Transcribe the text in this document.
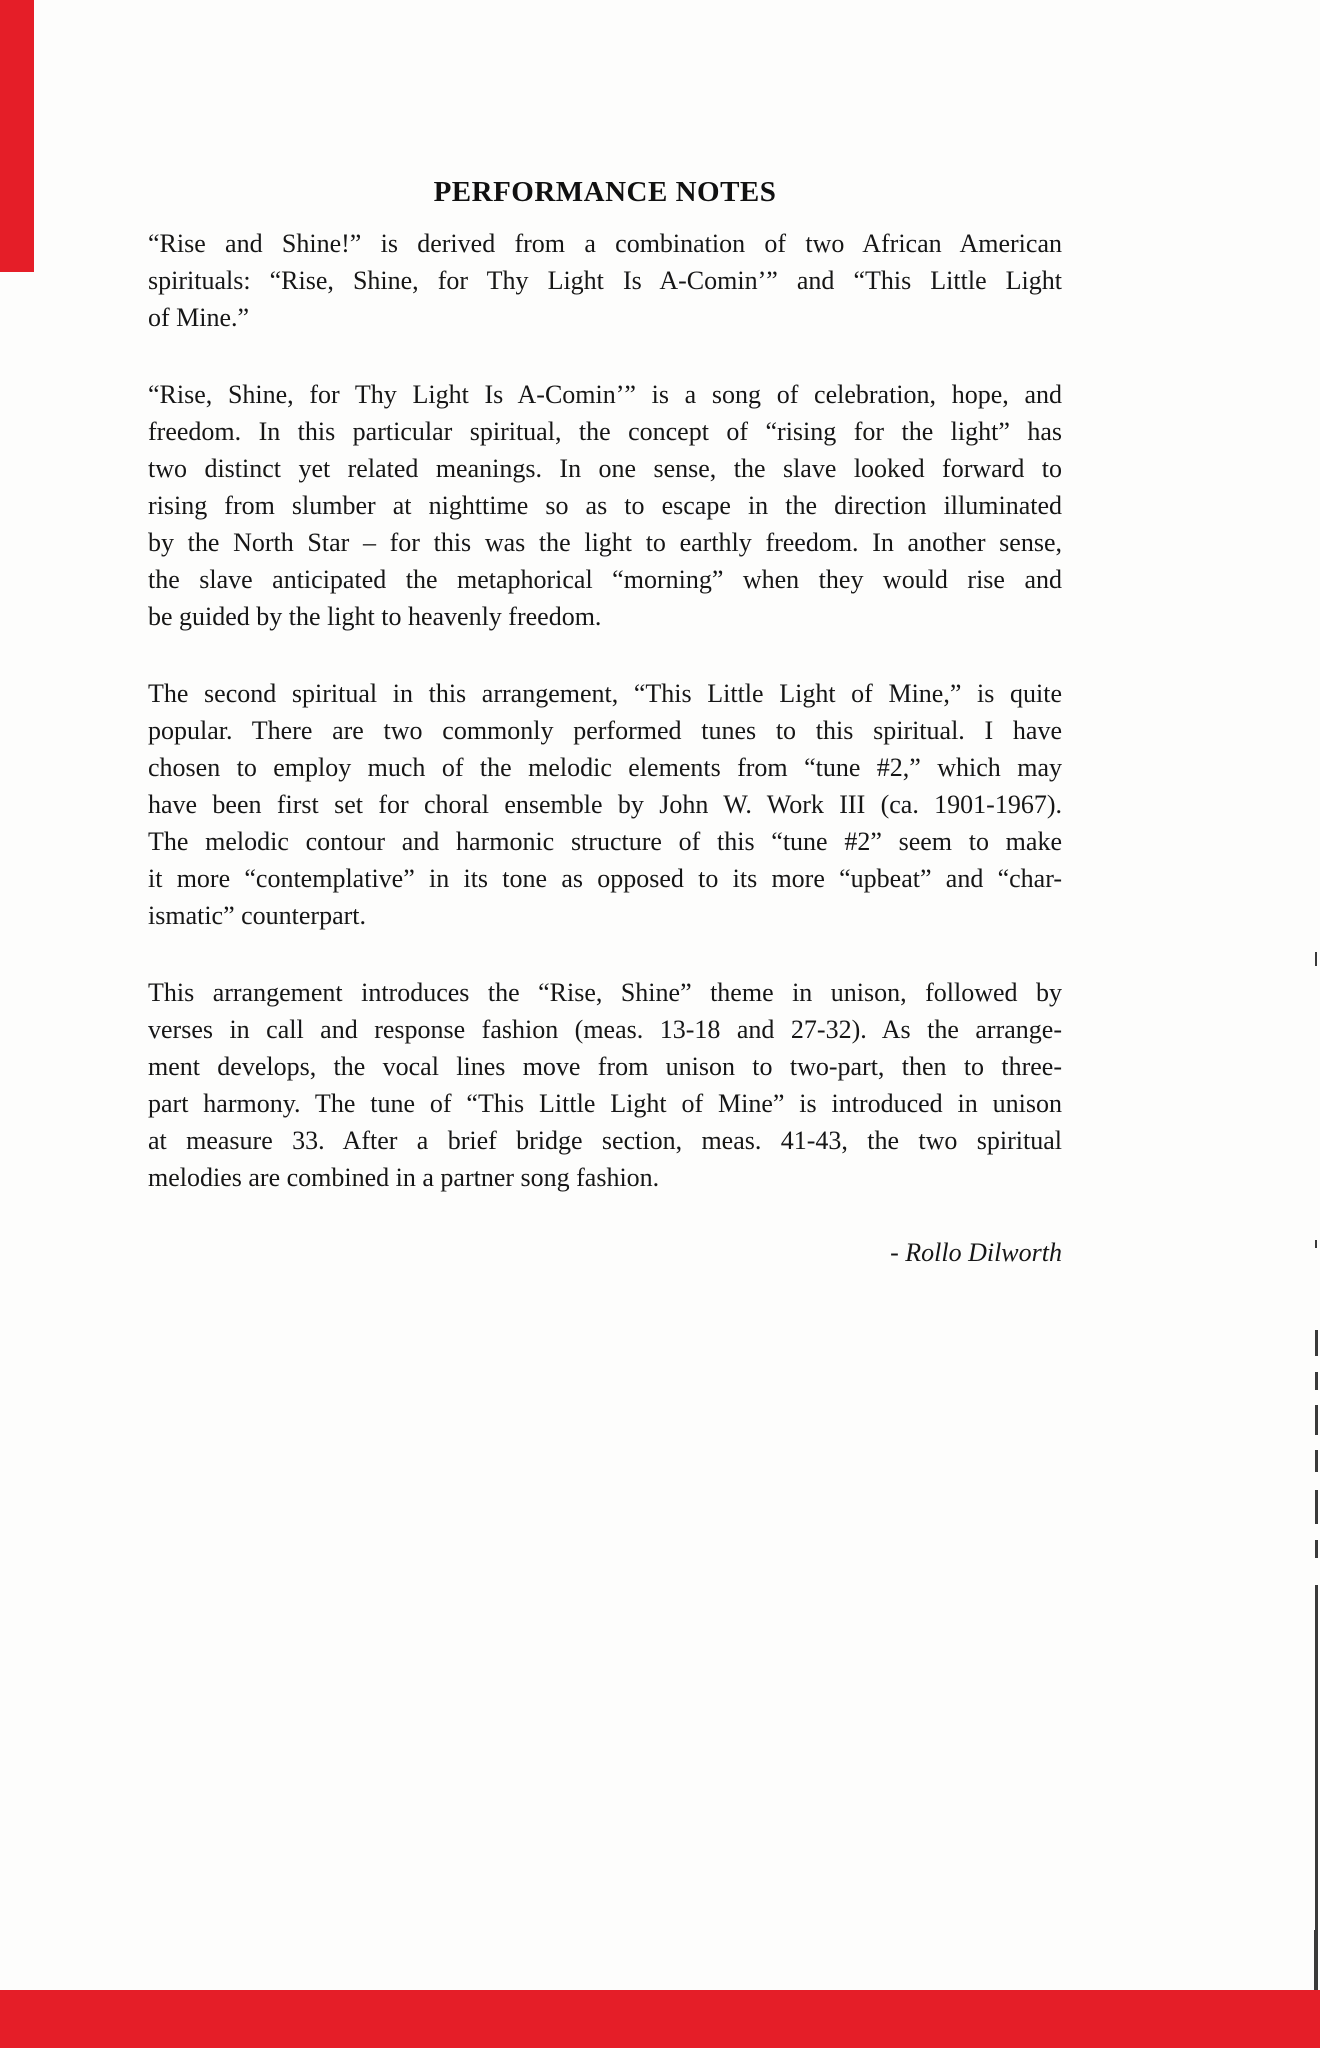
PERFORMANCE NOTES
“Rise and Shine!” is derived from a combination of two African American
spirituals: “Rise, Shine, for Thy Light Is A-Comin’” and “This Little Light
of Mine.”
“Rise, Shine, for Thy Light Is A-Comin’” is a song of celebration, hope, and
freedom. In this particular spiritual, the concept of “rising for the light” has
two distinct yet related meanings. In one sense, the slave looked forward to
rising from slumber at nighttime so as to escape in the direction illuminated
by the North Star – for this was the light to earthly freedom. In another sense,
the slave anticipated the metaphorical “morning” when they would rise and
be guided by the light to heavenly freedom.
The second spiritual in this arrangement, “This Little Light of Mine,” is quite
popular. There are two commonly performed tunes to this spiritual. I have
chosen to employ much of the melodic elements from “tune #2,” which may
have been first set for choral ensemble by John W. Work III (ca. 1901-1967).
The melodic contour and harmonic structure of this “tune #2” seem to make
it more “contemplative” in its tone as opposed to its more “upbeat” and “char-
ismatic” counterpart.
This arrangement introduces the “Rise, Shine” theme in unison, followed by
verses in call and response fashion (meas. 13-18 and 27-32). As the arrange-
ment develops, the vocal lines move from unison to two-part, then to three-
part harmony. The tune of “This Little Light of Mine” is introduced in unison
at measure 33. After a brief bridge section, meas. 41-43, the two spiritual
melodies are combined in a partner song fashion.
- Rollo Dilworth
